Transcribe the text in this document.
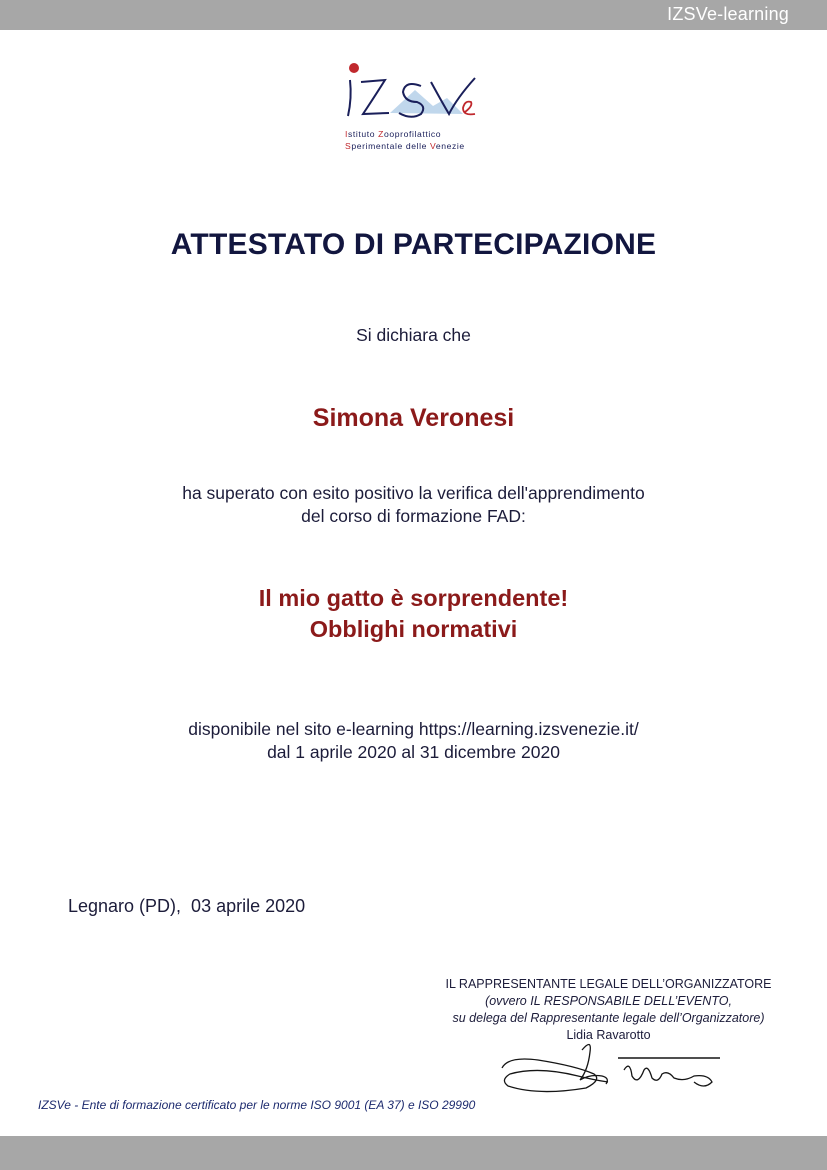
IZSVe-learning
Istituto Zooprofilattico
Sperimentale delle Venezie
ATTESTATO DI PARTECIPAZIONE
Si dichiara che
Simona Veronesi
ha superato con esito positivo la verifica dell'apprendimento
del corso di formazione FAD:
Il mio gatto è sorprendente!
Obblighi normativi
disponibile nel sito e-learning https://learning.izsvenezie.it/
dal 1 aprile 2020 al 31 dicembre 2020
Legnaro (PD),  03 aprile 2020
IL RAPPRESENTANTE LEGALE DELL’ORGANIZZATORE
(ovvero IL RESPONSABILE DELL’EVENTO,
su delega del Rappresentante legale dell’Organizzatore)
Lidia Ravarotto
IZSVe - Ente di formazione certificato per le norme ISO 9001 (EA 37) e ISO 29990
